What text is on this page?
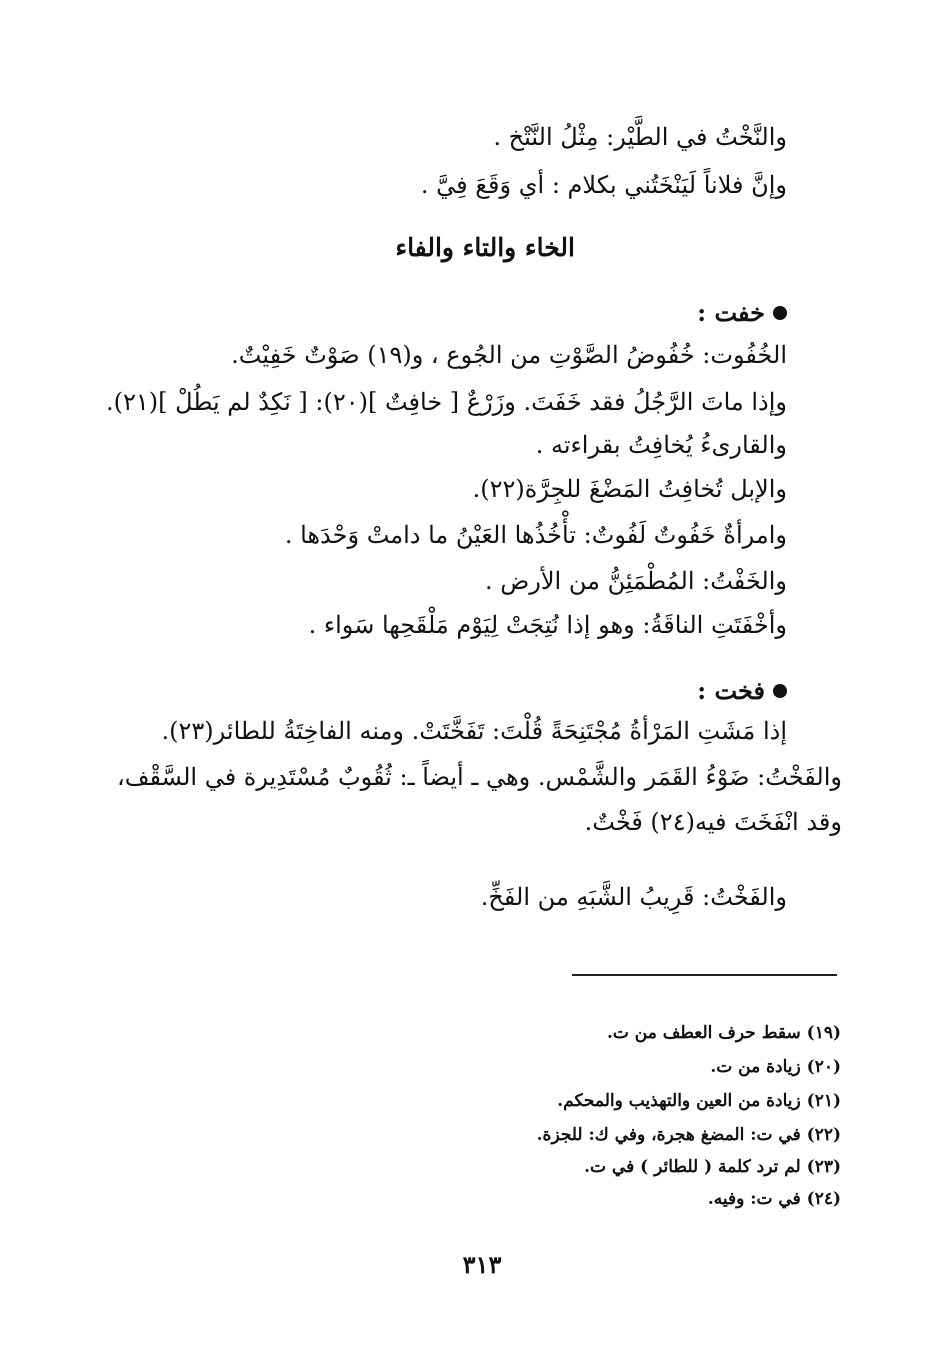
والنَّخْتُ في الطَّيْر: مِثْلُ النَّتْخ .
وإنَّ فلاناً لَيَنْخَتُني بكلام : أي وَقَعَ فِيَّ .
الخاء والتاء والفاء
خفت :
الخُفُوت: خُفُوضُ الصَّوْتِ من الجُوع ، و(١٩) صَوْتٌ خَفِيْتٌ.
وإذا ماتَ الرَّجُلُ فقد خَفَتَ. وزَرْعٌ [ خافِتٌ ](٢٠): [ نَكِدٌ لم يَطُلْ ](٢١).
والقارىءُ يُخافِتُ بقراءته .
والإبل تُخافِتُ المَضْغَ للجِرَّة(٢٢).
وامرأةٌ خَفُوتٌ لَفُوتٌ: تأْخُذُها العَيْنُ ما دامتْ وَحْدَها .
والخَفْتُ: المُطْمَئِنُّ من الأرض .
وأخْفَتَتِ الناقَةُ: وهو إذا نُتِجَتْ لِيَوْم مَلْقَحِها سَواء .
فخت :
إذا مَشَتِ المَرْأةُ مُجْتَنِحَةً قُلْتَ: تَفَخَّتَتْ. ومنه الفاخِتَةُ للطائر(٢٣).
والفَخْتُ: ضَوْءُ القَمَر والشَّمْس. وهي ـ أيضاً ـ: ثُقُوبٌ مُسْتَدِيرة في السَّقْف،
وقد انْفَخَتَ فيه(٢٤) فَخْتٌ.
والفَخْتُ: قَرِيبُ الشَّبَهِ من الفَخِّ.
(١٩) سقط حرف العطف من ت.
(٢٠) زيادة من ت.
(٢١) زيادة من العين والتهذيب والمحكم.
(٢٢) في ت: المضغ هجرة، وفي ك: للجزة.
(٢٣) لم ترد كلمة ( للطائر ) في ت.
(٢٤) في ت: وفيه.
٣١٣
